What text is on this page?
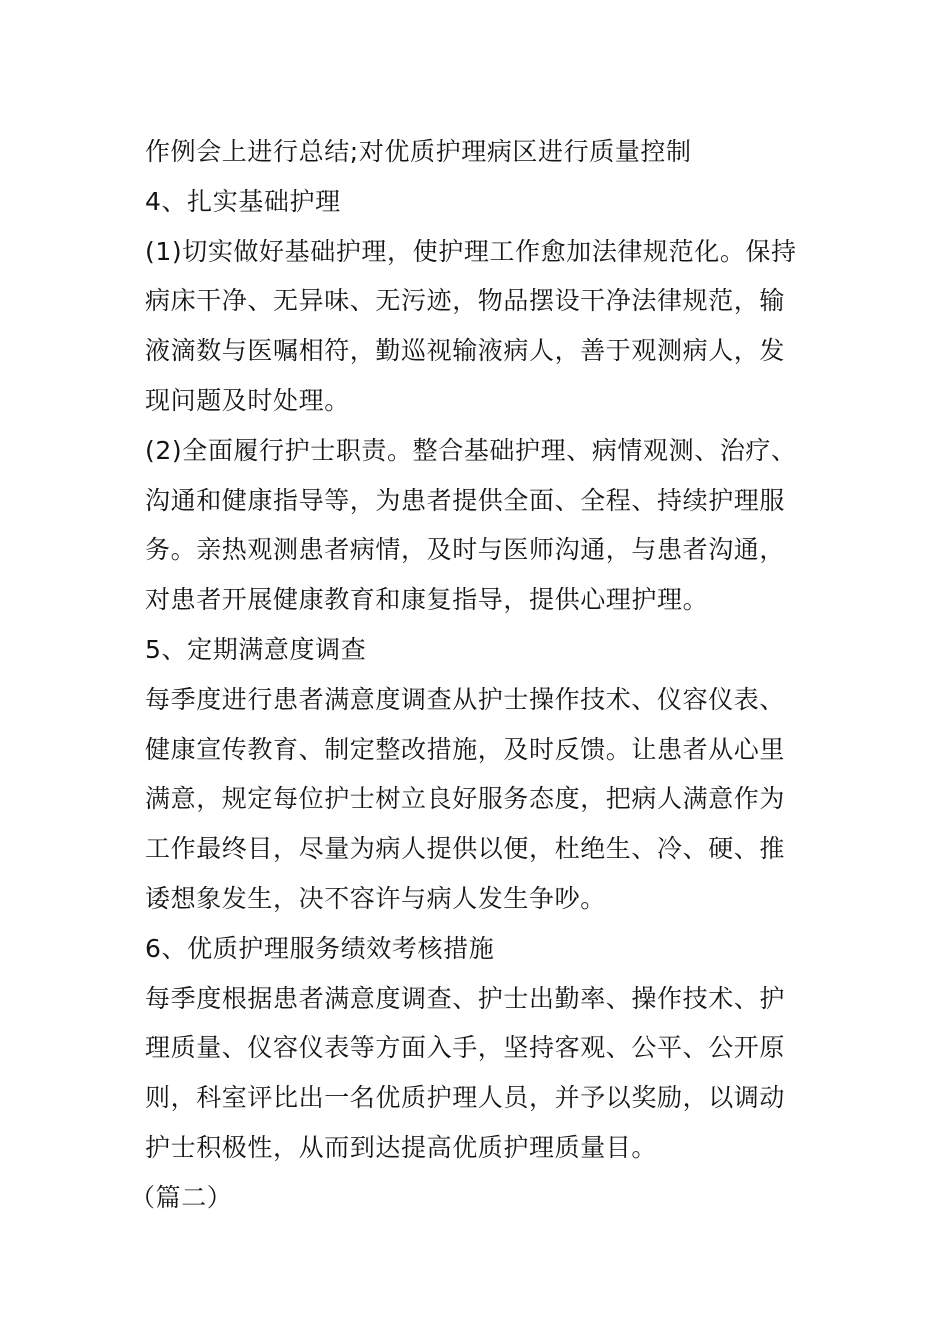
作例会上进行总结;对优质护理病区进行质量控制
4、扎实基础护理
(1)切实做好基础护理，使护理工作愈加法律规范化。保持
病床干净、无异味、无污迹，物品摆设干净法律规范，输
液滴数与医嘱相符，勤巡视输液病人，善于观测病人，发
现问题及时处理。
(2)全面履行护士职责。整合基础护理、病情观测、治疗、
沟通和健康指导等，为患者提供全面、全程、持续护理服
务。亲热观测患者病情，及时与医师沟通，与患者沟通，
对患者开展健康教育和康复指导，提供心理护理。
5、定期满意度调查
每季度进行患者满意度调查从护士操作技术、仪容仪表、
健康宣传教育、制定整改措施，及时反馈。让患者从心里
满意，规定每位护士树立良好服务态度，把病人满意作为
工作最终目，尽量为病人提供以便，杜绝生、冷、硬、推
诿想象发生，决不容许与病人发生争吵。
6、优质护理服务绩效考核措施
每季度根据患者满意度调查、护士出勤率、操作技术、护
理质量、仪容仪表等方面入手，坚持客观、公平、公开原
则，科室评比出一名优质护理人员，并予以奖励，以调动
护士积极性，从而到达提高优质护理质量目。
（篇二）
